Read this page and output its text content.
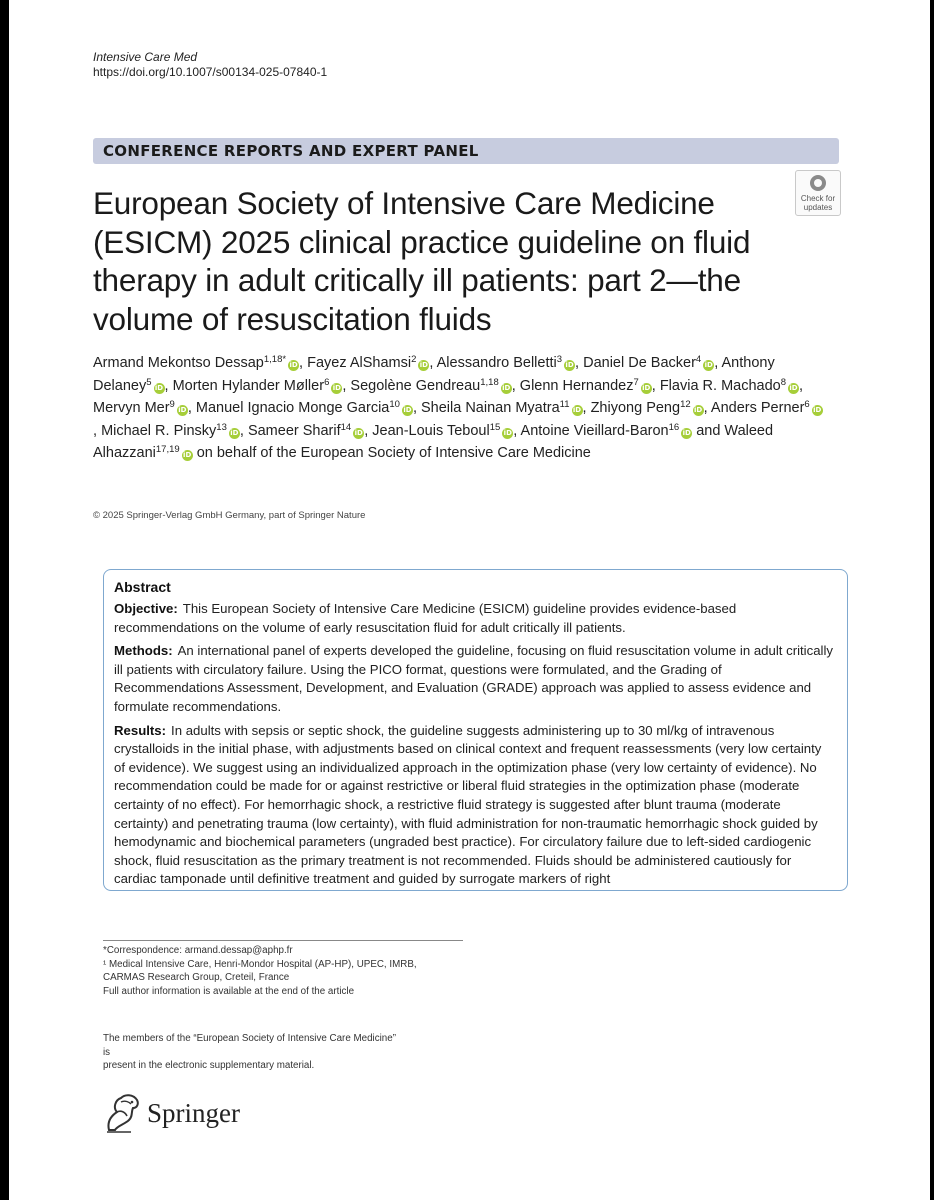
Intensive Care Med
https://doi.org/10.1007/s00134-025-07840-1
CONFERENCE REPORTS AND EXPERT PANEL
European Society of Intensive Care Medicine (ESICM) 2025 clinical practice guideline on fluid therapy in adult critically ill patients: part 2—the volume of resuscitation fluids
Check for
updates
Armand Mekontso Dessap$^{1,18*}$ iD, Fayez AlShamsi$^2$ iD, Alessandro Belletti$^3$ iD, Daniel De Backer$^4$ iD, Anthony Delaney$^5$ iD, Morten Hylander Møller$^6$ iD, Segolène Gendreau$^{1,18}$ iD, Glenn Hernandez$^7$ iD, Flavia R. Machado$^8$ iD, Mervyn Mer$^9$ iD, Manuel Ignacio Monge Garcia$^{10}$ iD, Sheila Nainan Myatra$^{11}$ iD, Zhiyong Peng$^{12}$ iD, Anders Perner$^6$ iD, Michael R. Pinsky$^{13}$ iD, Sameer Sharif$^{14}$ iD, Jean-Louis Teboul$^{15}$ iD, Antoine Vieillard-Baron$^{16}$ iD and Waleed Alhazzani$^{17,19}$ iD on behalf of the European Society of Intensive Care Medicine
© 2025 Springer-Verlag GmbH Germany, part of Springer Nature
Abstract

Objective: This European Society of Intensive Care Medicine (ESICM) guideline provides evidence-based recommendations on the volume of early resuscitation fluid for adult critically ill patients.

Methods: An international panel of experts developed the guideline, focusing on fluid resuscitation volume in adult critically ill patients with circulatory failure. Using the PICO format, questions were formulated, and the Grading of Recommendations Assessment, Development, and Evaluation (GRADE) approach was applied to assess evidence and formulate recommendations.

Results: In adults with sepsis or septic shock, the guideline suggests administering up to 30 ml/kg of intravenous crystalloids in the initial phase, with adjustments based on clinical context and frequent reassessments (very low certainty of evidence). We suggest using an individualized approach in the optimization phase (very low certainty of evidence). No recommendation could be made for or against restrictive or liberal fluid strategies in the optimization phase (moderate certainty of no effect). For hemorrhagic shock, a restrictive fluid strategy is suggested after blunt trauma (moderate certainty) and penetrating trauma (low certainty), with fluid administration for non-traumatic hemorrhagic shock guided by hemodynamic and biochemical parameters (ungraded best practice). For circulatory failure due to left-sided cardiogenic shock, fluid resuscitation as the primary treatment is not recommended. Fluids should be administered cautiously for cardiac tamponade until definitive treatment and guided by surrogate markers of right

*Correspondence: armand.dessap@aphp.fr
¹ Medical Intensive Care, Henri-Mondor Hospital (AP-HP), UPEC, IMRB,
CARMAS Research Group, Creteil, France
Full author information is available at the end of the article
The members of the “European Society of Intensive Care Medicine” is
present in the electronic supplementary material.
Springer
